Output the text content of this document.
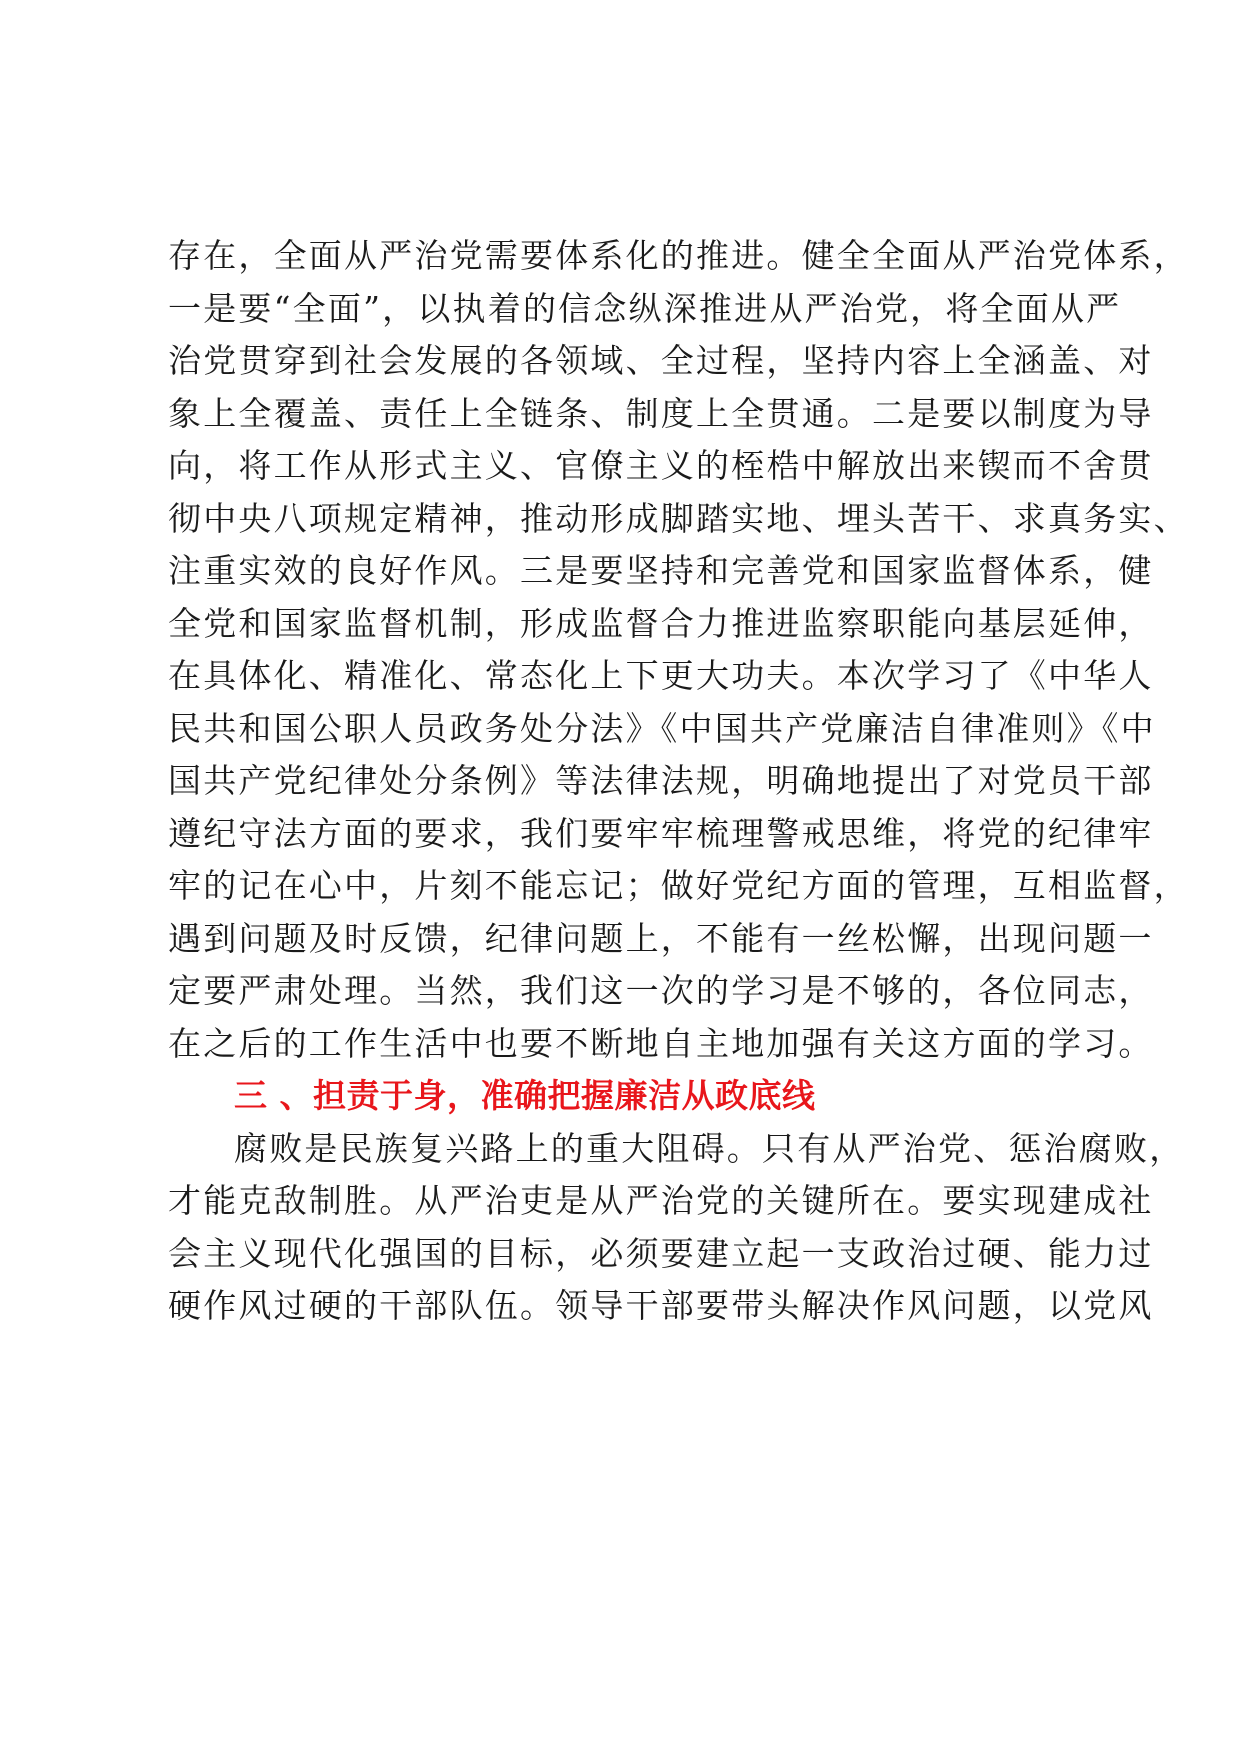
存在，全面从严治党需要体系化的推进。健全全面从严治党体系，
一是要“全面”，以执着的信念纵深推进从严治党，将全面从严
治党贯穿到社会发展的各领域、全过程，坚持内容上全涵盖、对
象上全覆盖、责任上全链条、制度上全贯通。二是要以制度为导
向，将工作从形式主义、官僚主义的桎梏中解放出来锲而不舍贯
彻中央八项规定精神，推动形成脚踏实地、埋头苦干、求真务实、
注重实效的良好作风。三是要坚持和完善党和国家监督体系，健
全党和国家监督机制，形成监督合力推进监察职能向基层延伸，
在具体化、精准化、常态化上下更大功夫。本次学习了《中华人
民共和国公职人员政务处分法》《中国共产党廉洁自律准则》《中
国共产党纪律处分条例》等法律法规，明确地提出了对党员干部
遵纪守法方面的要求，我们要牢牢梳理警戒思维，将党的纪律牢
牢的记在心中，片刻不能忘记；做好党纪方面的管理，互相监督，
遇到问题及时反馈，纪律问题上，不能有一丝松懈，出现问题一
定要严肃处理。当然，我们这一次的学习是不够的，各位同志，
在之后的工作生活中也要不断地自主地加强有关这方面的学习。
三 、担责于身，准确把握廉洁从政底线
腐败是民族复兴路上的重大阻碍。只有从严治党、惩治腐败，
才能克敌制胜。从严治吏是从严治党的关键所在。要实现建成社
会主义现代化强国的目标，必须要建立起一支政治过硬、能力过
硬作风过硬的干部队伍。领导干部要带头解决作风问题，以党风
